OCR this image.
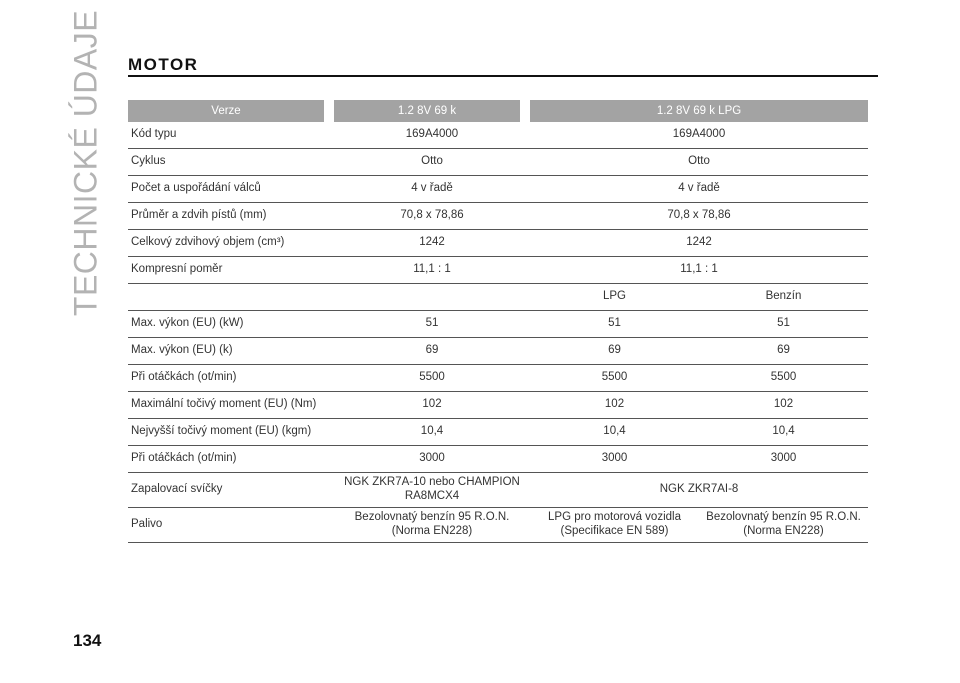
TECHNICKÉ ÚDAJE MOTOR
Verze		1.2 8V 69 k		1.2 8V 69 k LPG	
Kód typu		169A4000		169A4000	
Cyklus		Otto		Otto	
Počet a uspořádání válců		4 v řadě		4 v řadě	
Průměr a zdvih pístů (mm)		70,8 x 78,86		70,8 x 78,86	
Celkový zdvihový objem (cm³)		1242		1242	
Kompresní poměr		11,1 : 1		11,1 : 1	
				LPG	Benzín
Max. výkon (EU) (kW)		51		51	51
Max. výkon (EU) (k)		69		69	69
Při otáčkách (ot/min)		5500		5500	5500
Maximální točivý moment (EU) (Nm)		102		102	102
Nejvyšší točivý moment (EU) (kgm)		10,4		10,4	10,4
Při otáčkách (ot/min)		3000		3000	3000
Zapalovací svíčky		NGK ZKR7A-10 nebo CHAMPION RA8MCX4		NGK ZKR7AI-8	
Palivo		Bezolovnatý benzín 95 R.O.N. (Norma EN228)		LPG pro motorová vozidla (Specifikace EN 589)	Bezolovnatý benzín 95 R.O.N. (Norma EN228)
134
